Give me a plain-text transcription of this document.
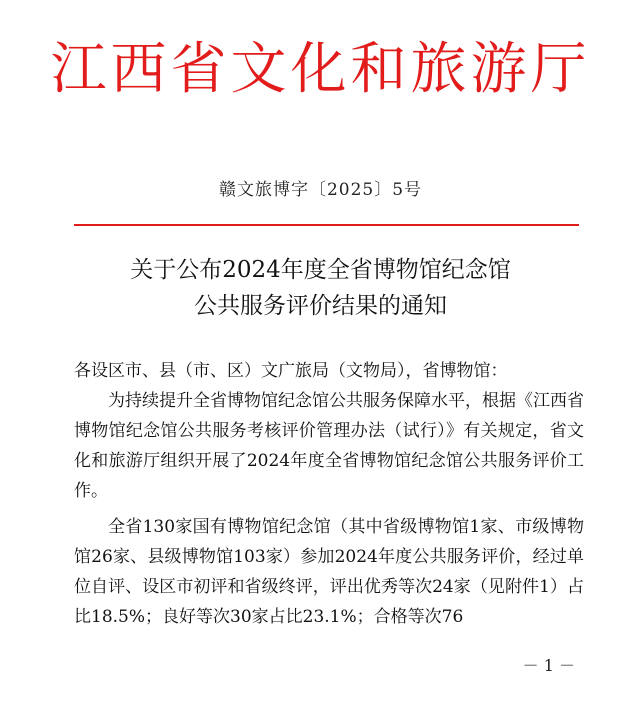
江西省文化和旅游厅
赣文旅博字〔2025〕5号
关于公布2024年度全省博物馆纪念馆
公共服务评价结果的通知

各设区市、县（市、区）文广旅局（文物局），省博物馆：

为持续提升全省博物馆纪念馆公共服务保障水平，根据《江西省博物馆纪念馆公共服务考核评价管理办法（试行）》有关规定，省文化和旅游厅组织开展了2024年度全省博物馆纪念馆公共服务评价工作。

全省130家国有博物馆纪念馆（其中省级博物馆1家、市级博物馆26家、县级博物馆103家）参加2024年度公共服务评价，经过单位自评、设区市初评和省级终评，评出优秀等次24家（见附件1）占比18.5%；良好等次30家占比23.1%；合格等次76

－ 1 －
